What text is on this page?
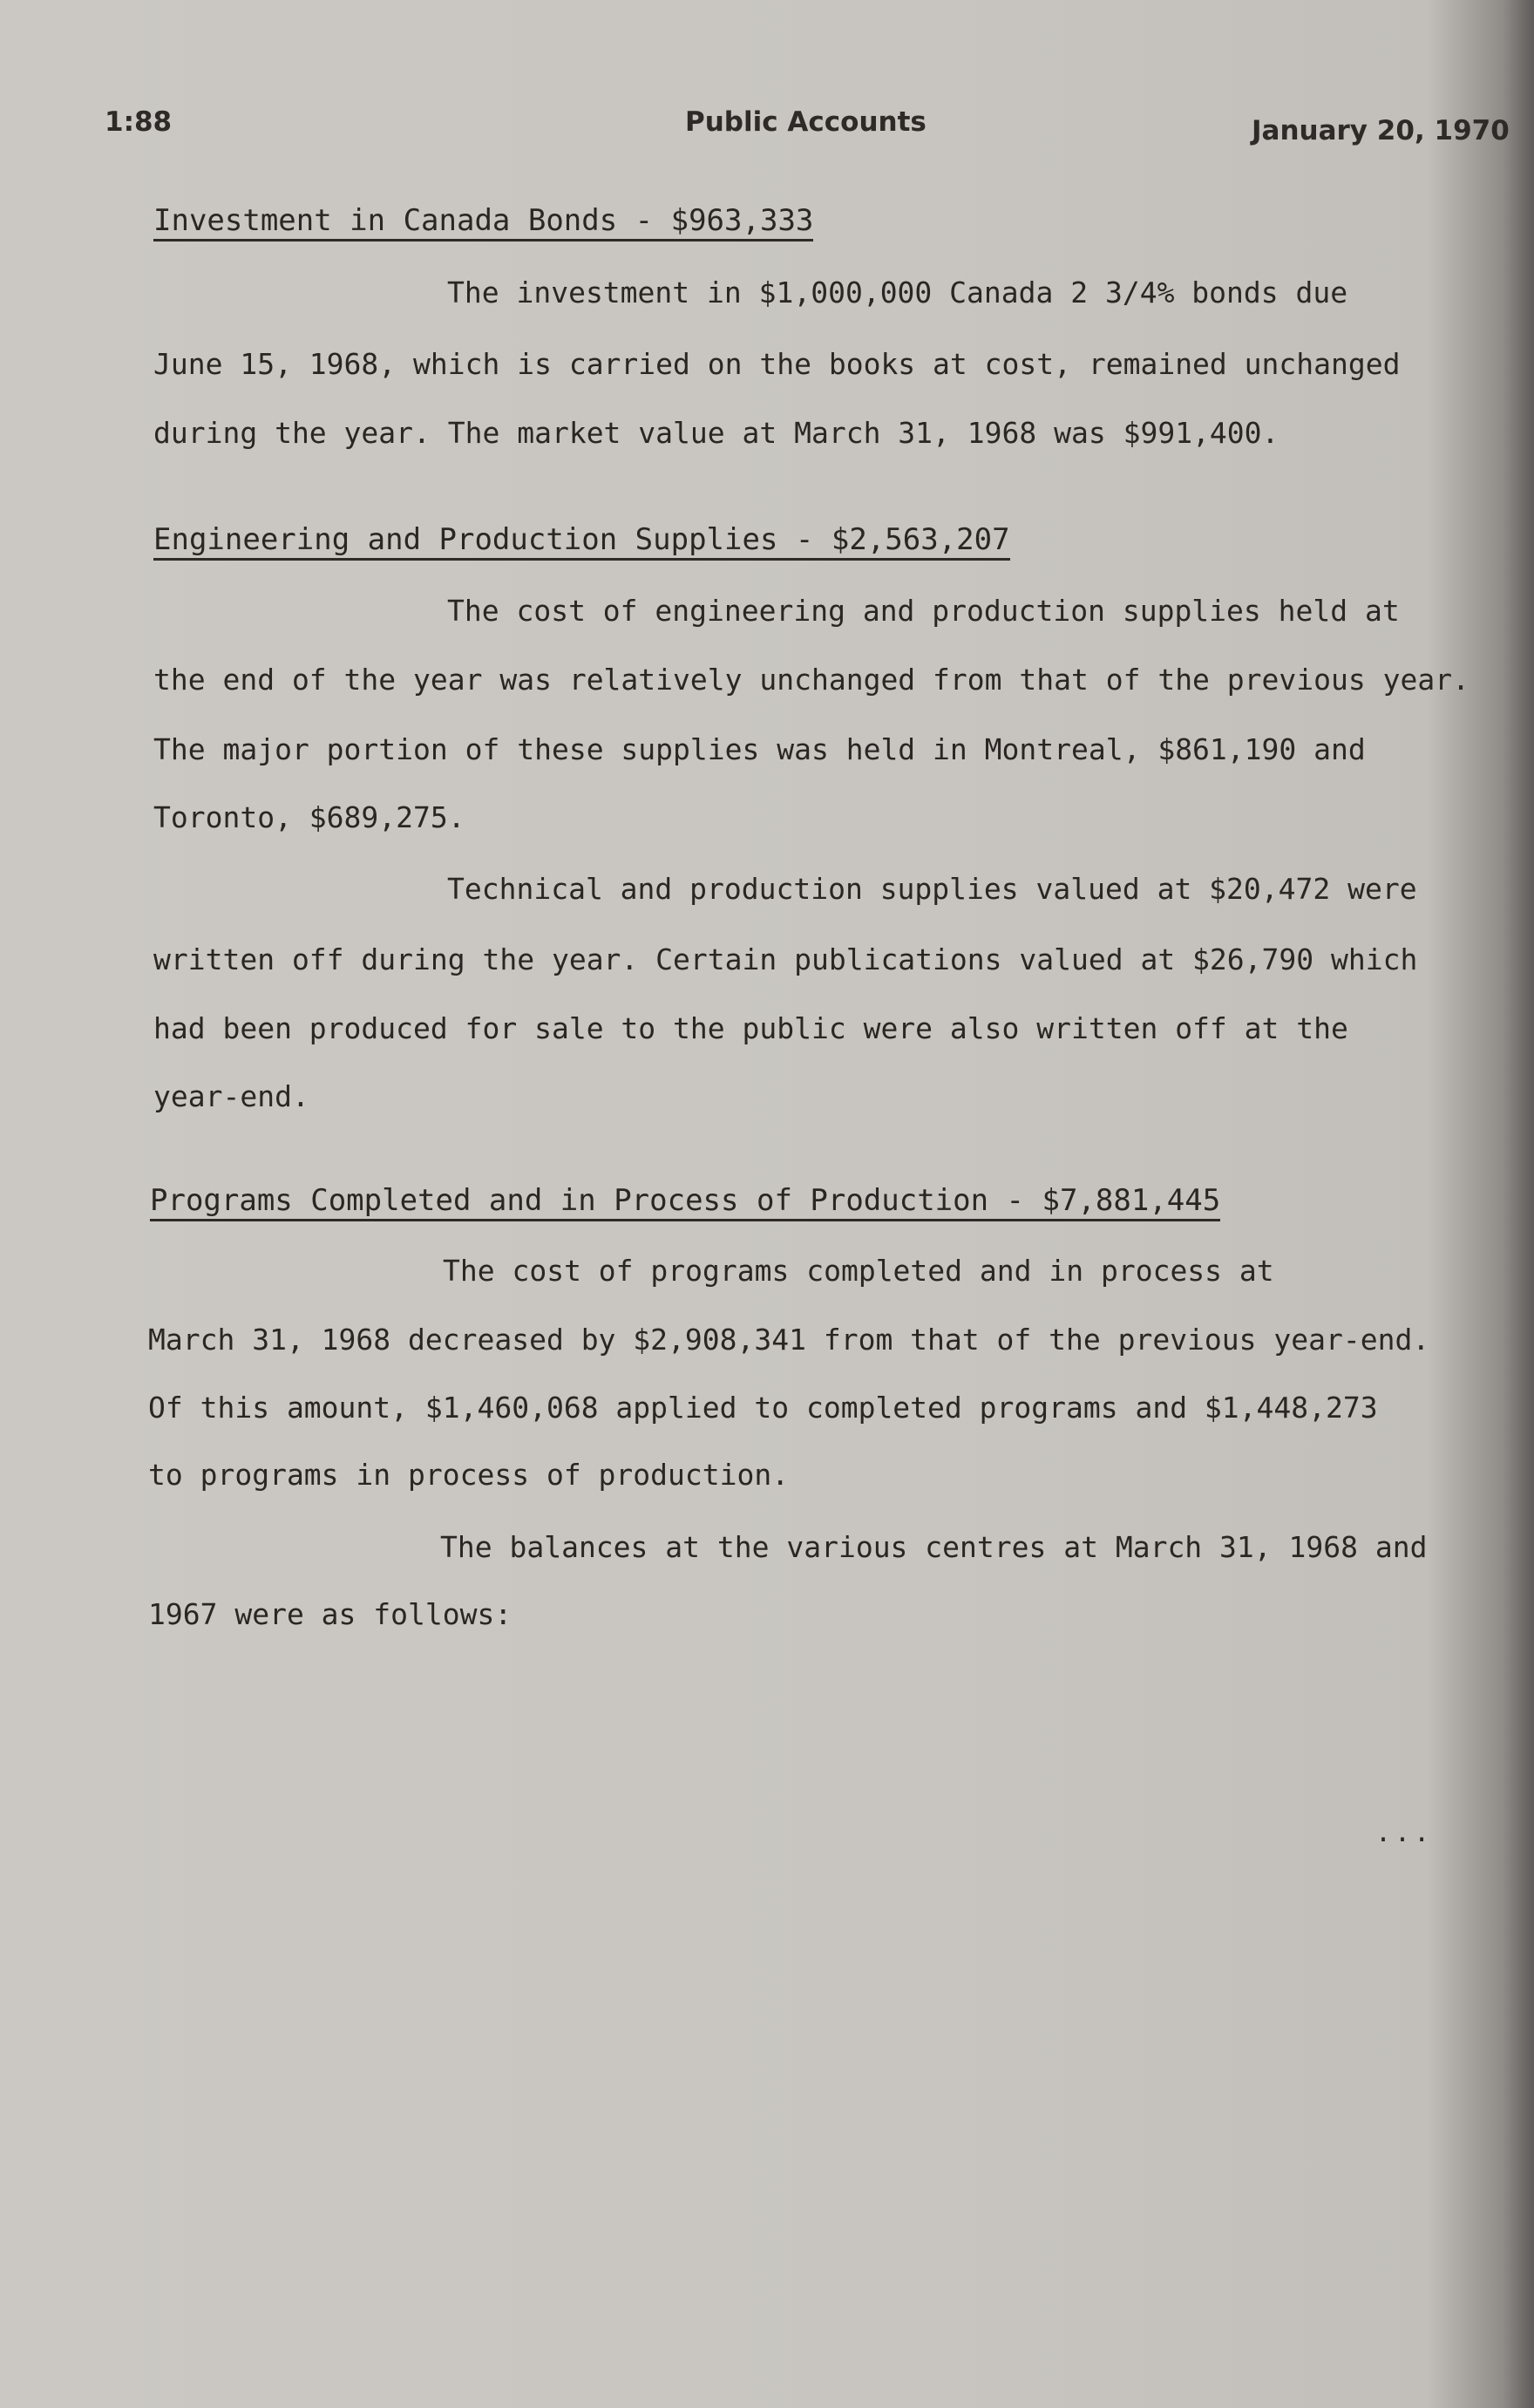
1:88	Public Accounts	January 20, 1970
Investment in Canada Bonds - $963,333
The investment in $1,000,000 Canada 2 3/4% bonds due
June 15, 1968, which is carried on the books at cost, remained unchanged
during the year. The market value at March 31, 1968 was $991,400.
Engineering and Production Supplies - $2,563,207
The cost of engineering and production supplies held at
the end of the year was relatively unchanged from that of the previous year.
The major portion of these supplies was held in Montreal, $861,190 and
Toronto, $689,275.
Technical and production supplies valued at $20,472 were
written off during the year. Certain publications valued at $26,790 which
had been produced for sale to the public were also written off at the
year-end.
Programs Completed and in Process of Production - $7,881,445
The cost of programs completed and in process at
March 31, 1968 decreased by $2,908,341 from that of the previous year-end.
Of this amount, $1,460,068 applied to completed programs and $1,448,273
to programs in process of production.
The balances at the various centres at March 31, 1968 and
1967 were as follows:
...
